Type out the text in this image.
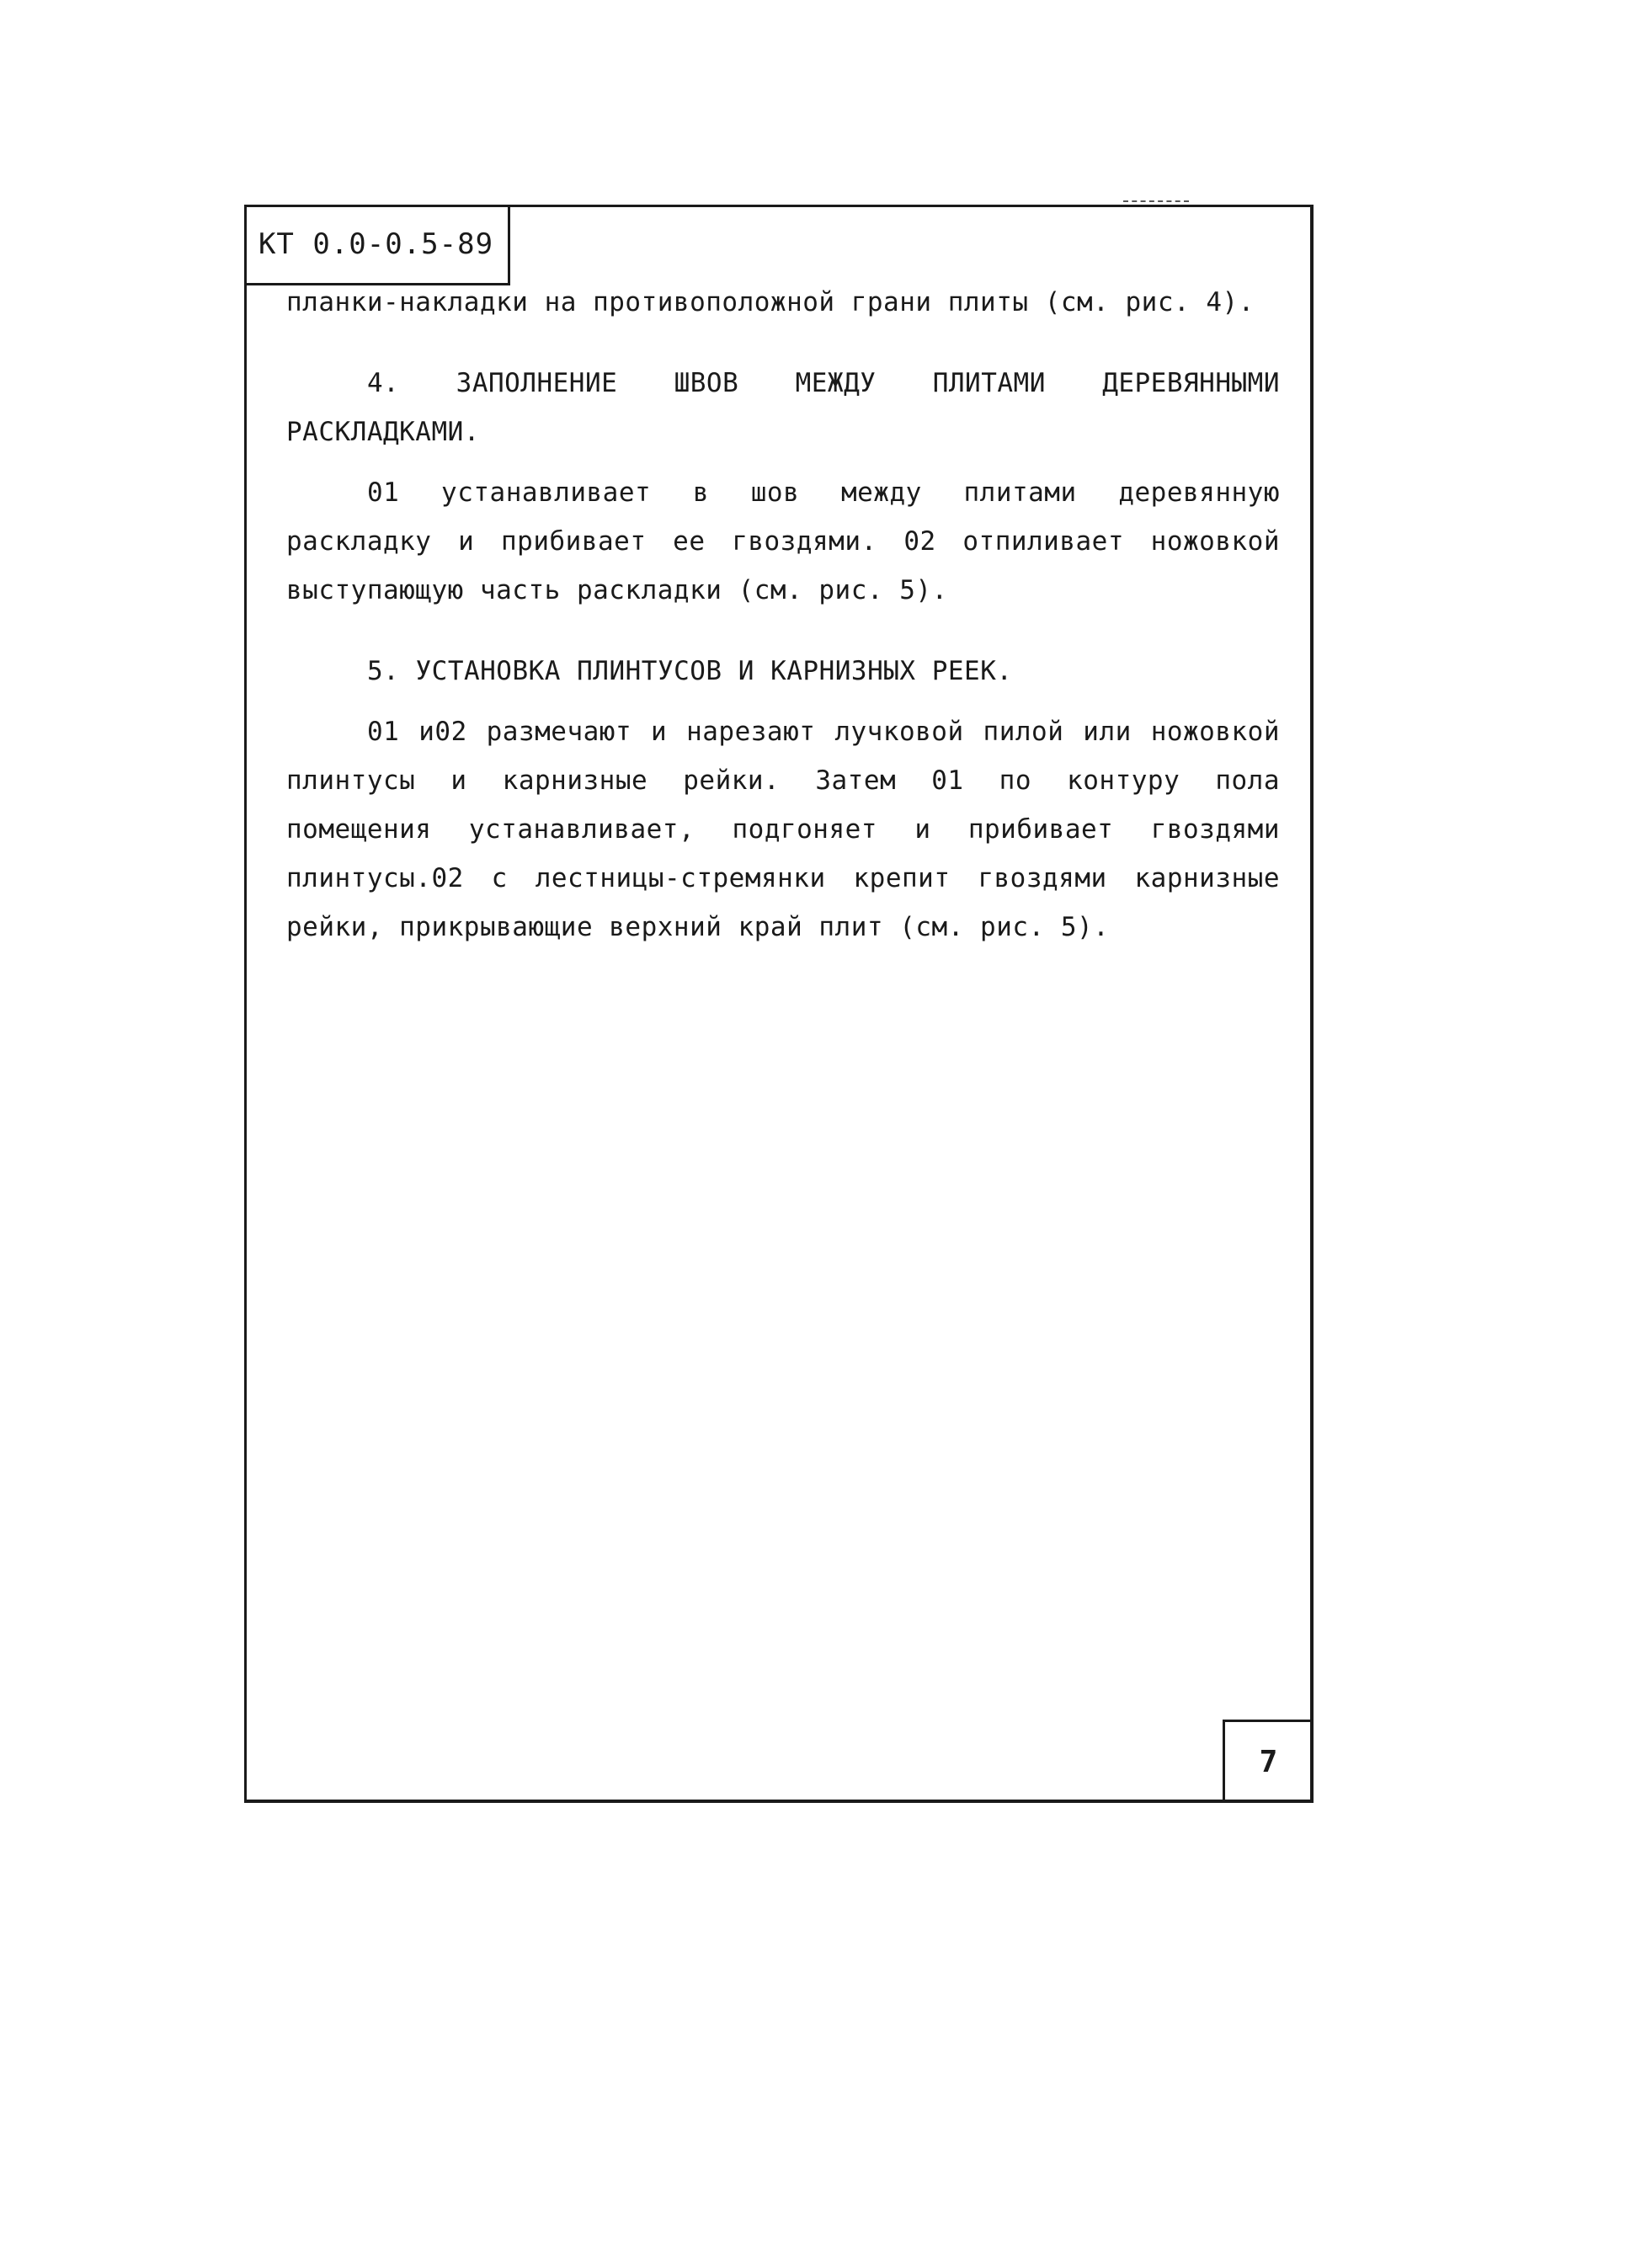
КТ 0.0-0.5-89

планки-накладки на противоположной грани плиты (см. рис. 4).

4. ЗАПОЛНЕНИЕ ШВОВ МЕЖДУ ПЛИТАМИ ДЕРЕВЯННЫМИ РАСКЛАДКАМИ.

01 устанавливает в шов между плитами деревянную раскладку и прибивает ее гвоздями. 02 отпиливает ножовкой выступающую часть раскладки (см. рис. 5).

5. УСТАНОВКА ПЛИНТУСОВ И КАРНИЗНЫХ РЕЕК.

01 и02 размечают и нарезают лучковой пилой или ножовкой плинтусы и карнизные рейки. Затем 01 по контуру пола помещения устанавливает, подгоняет и прибивает гвоздями плинтусы.02 с лестницы-стремянки крепит гвоздями карнизные рейки, прикрывающие верхний край плит (см. рис. 5).

7
